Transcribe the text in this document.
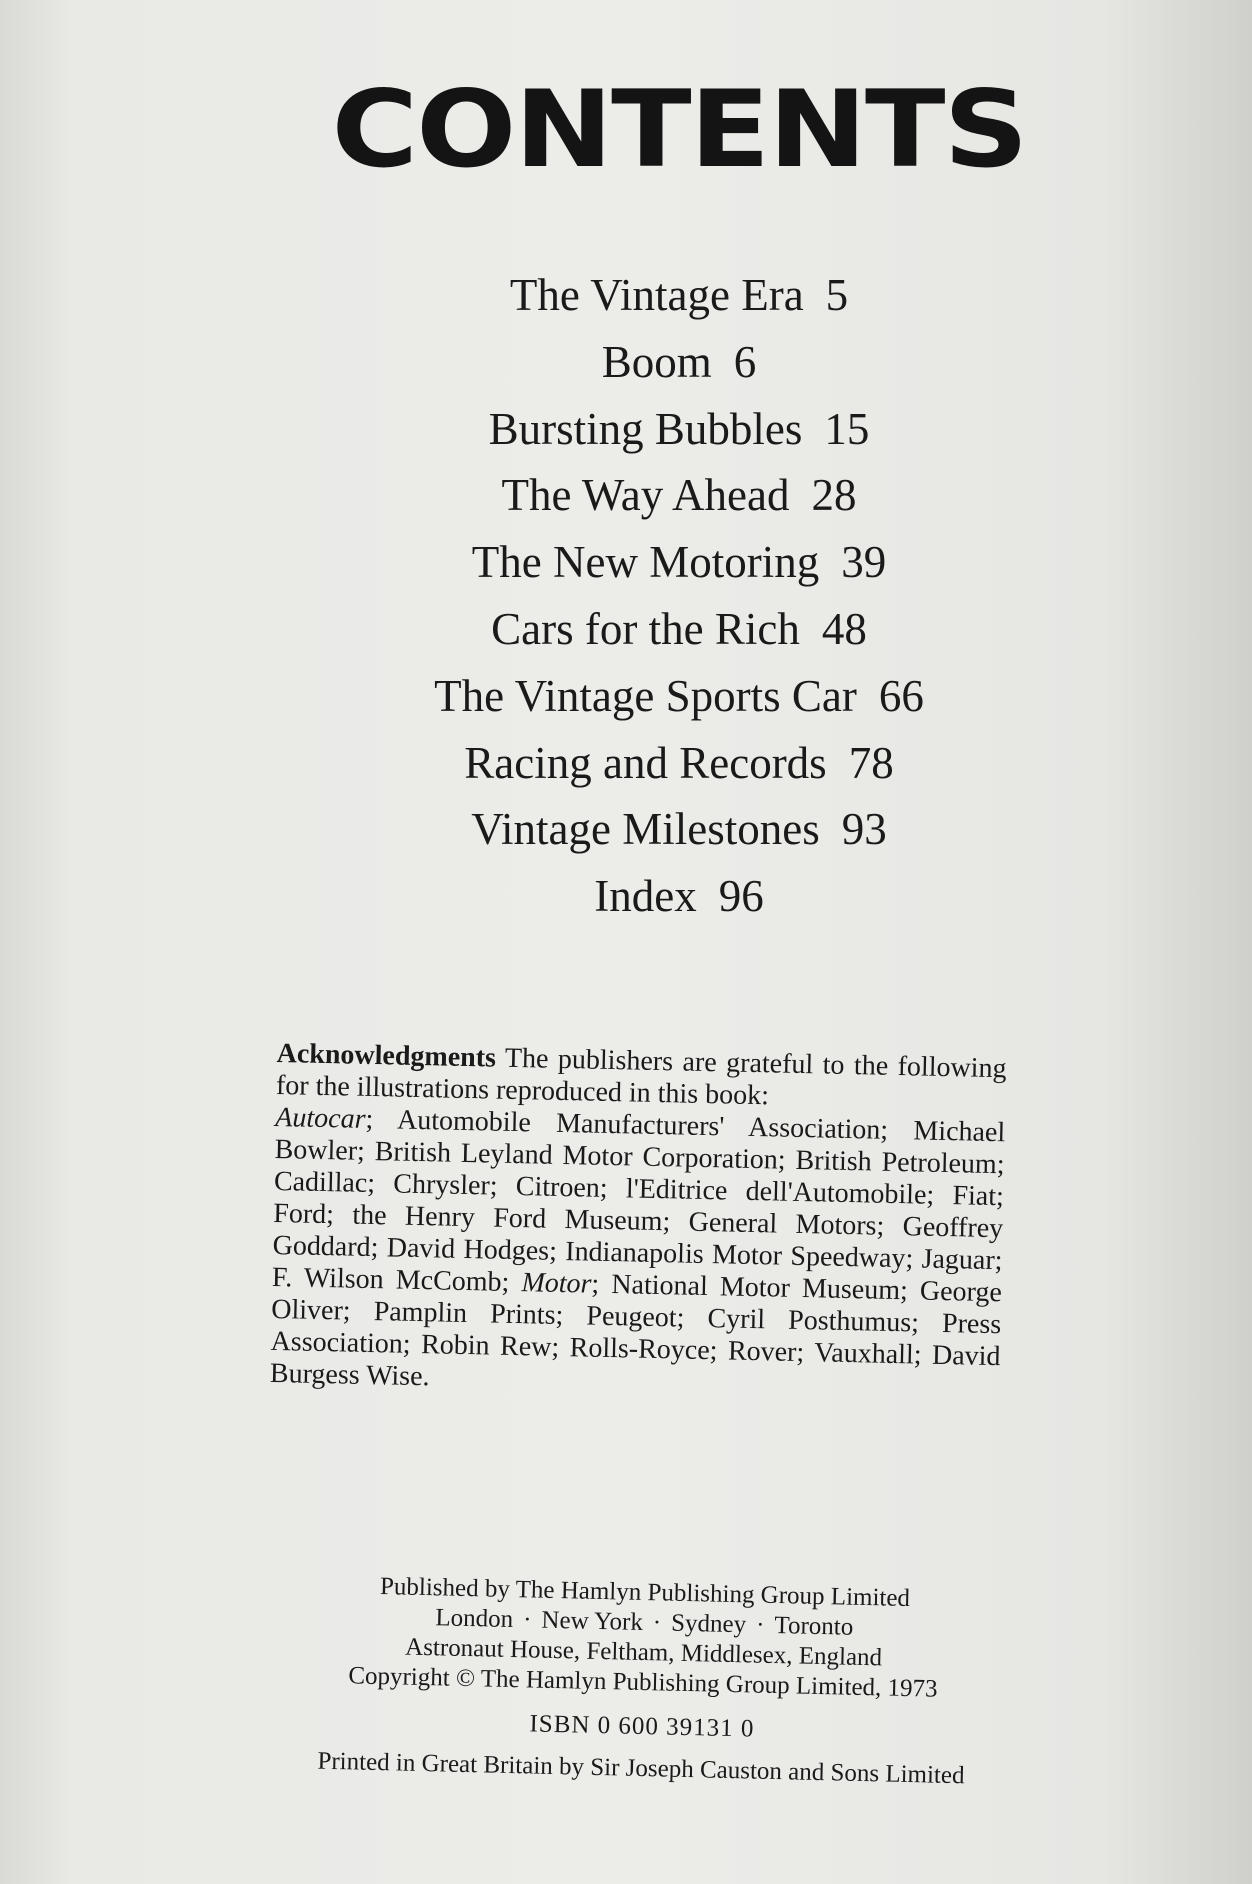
CONTENTS
The Vintage Era 5
Boom 6
Bursting Bubbles 15
The Way Ahead 28
The New Motoring 39
Cars for the Rich 48
The Vintage Sports Car 66
Racing and Records 78
Vintage Milestones 93
Index 96

Acknowledgments The publishers are grateful to the following for the illustrations reproduced in this book:

Autocar; Automobile Manufacturers' Association; Michael Bowler; British Leyland Motor Corporation; British Petroleum; Cadillac; Chrysler; Citroen; l'Editrice dell'Automobile; Fiat; Ford; the Henry Ford Museum; General Motors; Geoffrey Goddard; David Hodges; Indianapolis Motor Speedway; Jaguar; F. Wilson McComb; Motor; National Motor Museum; George Oliver; Pamplin Prints; Peugeot; Cyril Posthumus; Press Association; Robin Rew; Rolls-Royce; Rover; Vauxhall; David Burgess Wise.

Published by The Hamlyn Publishing Group Limited
London · New York · Sydney · Toronto
Astronaut House, Feltham, Middlesex, England
Copyright © The Hamlyn Publishing Group Limited, 1973
ISBN 0 600 39131 0
Printed in Great Britain by Sir Joseph Causton and Sons Limited
